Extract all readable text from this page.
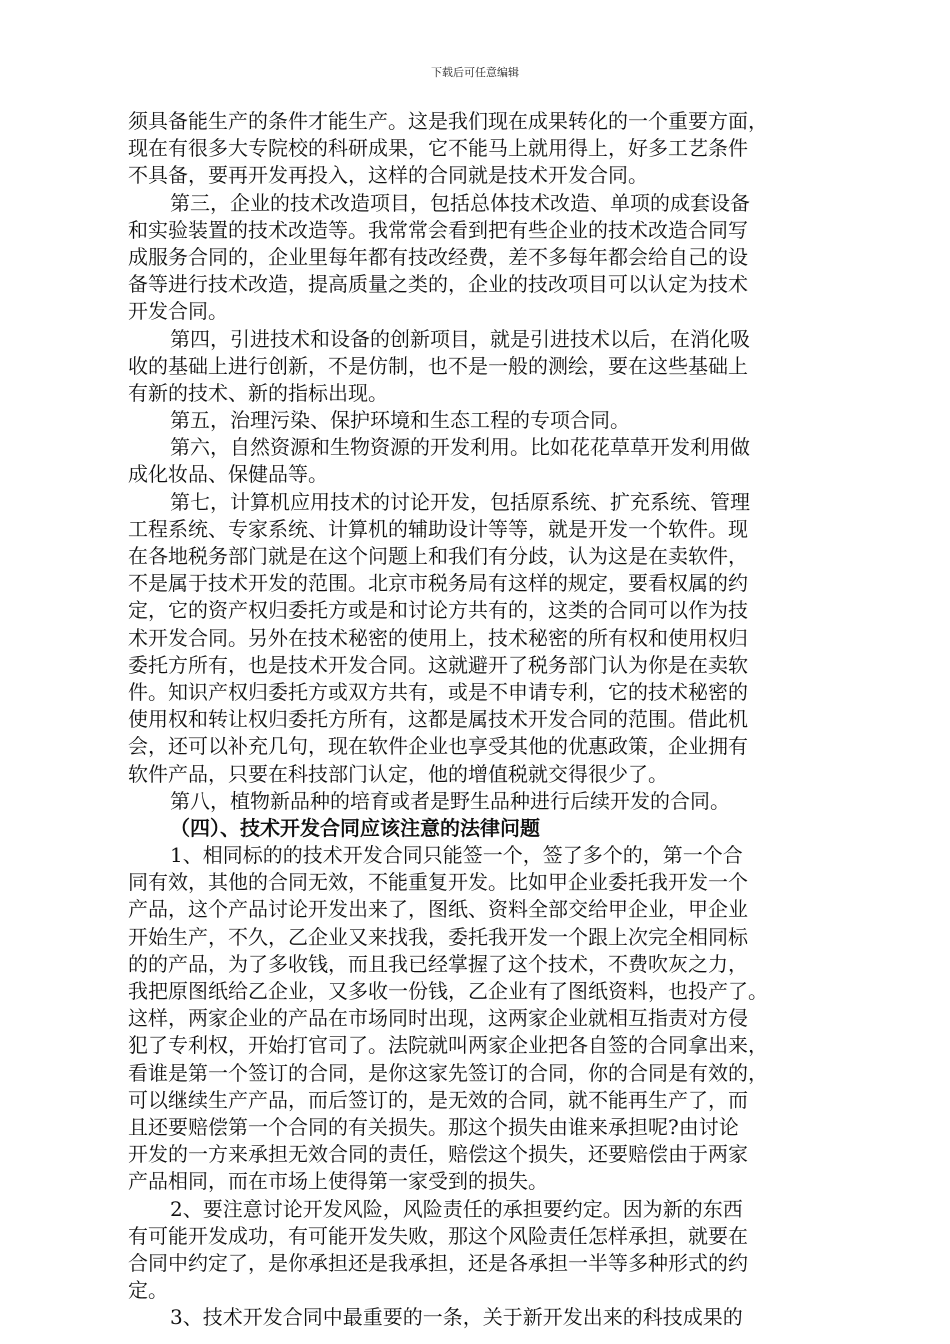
下载后可任意编辑
须具备能生产的条件才能生产。这是我们现在成果转化的一个重要方面，
现在有很多大专院校的科研成果，它不能马上就用得上，好多工艺条件
不具备，要再开发再投入，这样的合同就是技术开发合同。
第三，企业的技术改造项目，包括总体技术改造、单项的成套设备
和实验装置的技术改造等。我常常会看到把有些企业的技术改造合同写
成服务合同的，企业里每年都有技改经费，差不多每年都会给自己的设
备等进行技术改造，提高质量之类的，企业的技改项目可以认定为技术
开发合同。
第四，引进技术和设备的创新项目，就是引进技术以后，在消化吸
收的基础上进行创新，不是仿制，也不是一般的测绘，要在这些基础上
有新的技术、新的指标出现。
第五，治理污染、保护环境和生态工程的专项合同。
第六，自然资源和生物资源的开发利用。比如花花草草开发利用做
成化妆品、保健品等。
第七，计算机应用技术的讨论开发，包括原系统、扩充系统、管理
工程系统、专家系统、计算机的辅助设计等等，就是开发一个软件。现
在各地税务部门就是在这个问题上和我们有分歧，认为这是在卖软件，
不是属于技术开发的范围。北京市税务局有这样的规定，要看权属的约
定，它的资产权归委托方或是和讨论方共有的，这类的合同可以作为技
术开发合同。另外在技术秘密的使用上，技术秘密的所有权和使用权归
委托方所有，也是技术开发合同。这就避开了税务部门认为你是在卖软
件。知识产权归委托方或双方共有，或是不申请专利，它的技术秘密的
使用权和转让权归委托方所有，这都是属技术开发合同的范围。借此机
会，还可以补充几句，现在软件企业也享受其他的优惠政策，企业拥有
软件产品，只要在科技部门认定，他的增值税就交得很少了。
第八，植物新品种的培育或者是野生品种进行后续开发的合同。
（四）、技术开发合同应该注意的法律问题
1、相同标的的技术开发合同只能签一个，签了多个的，第一个合
同有效，其他的合同无效，不能重复开发。比如甲企业委托我开发一个
产品，这个产品讨论开发出来了，图纸、资料全部交给甲企业，甲企业
开始生产，不久，乙企业又来找我，委托我开发一个跟上次完全相同标
的的产品，为了多收钱，而且我已经掌握了这个技术，不费吹灰之力，
我把原图纸给乙企业，又多收一份钱，乙企业有了图纸资料，也投产了。
这样，两家企业的产品在市场同时出现，这两家企业就相互指责对方侵
犯了专利权，开始打官司了。法院就叫两家企业把各自签的合同拿出来，
看谁是第一个签订的合同，是你这家先签订的合同，你的合同是有效的，
可以继续生产产品，而后签订的，是无效的合同，就不能再生产了，而
且还要赔偿第一个合同的有关损失。那这个损失由谁来承担呢?由讨论
开发的一方来承担无效合同的责任，赔偿这个损失，还要赔偿由于两家
产品相同，而在市场上使得第一家受到的损失。
2、要注意讨论开发风险，风险责任的承担要约定。因为新的东西
有可能开发成功，有可能开发失败，那这个风险责任怎样承担，就要在
合同中约定了，是你承担还是我承担，还是各承担一半等多种形式的约
定。
3、技术开发合同中最重要的一条，关于新开发出来的科技成果的
